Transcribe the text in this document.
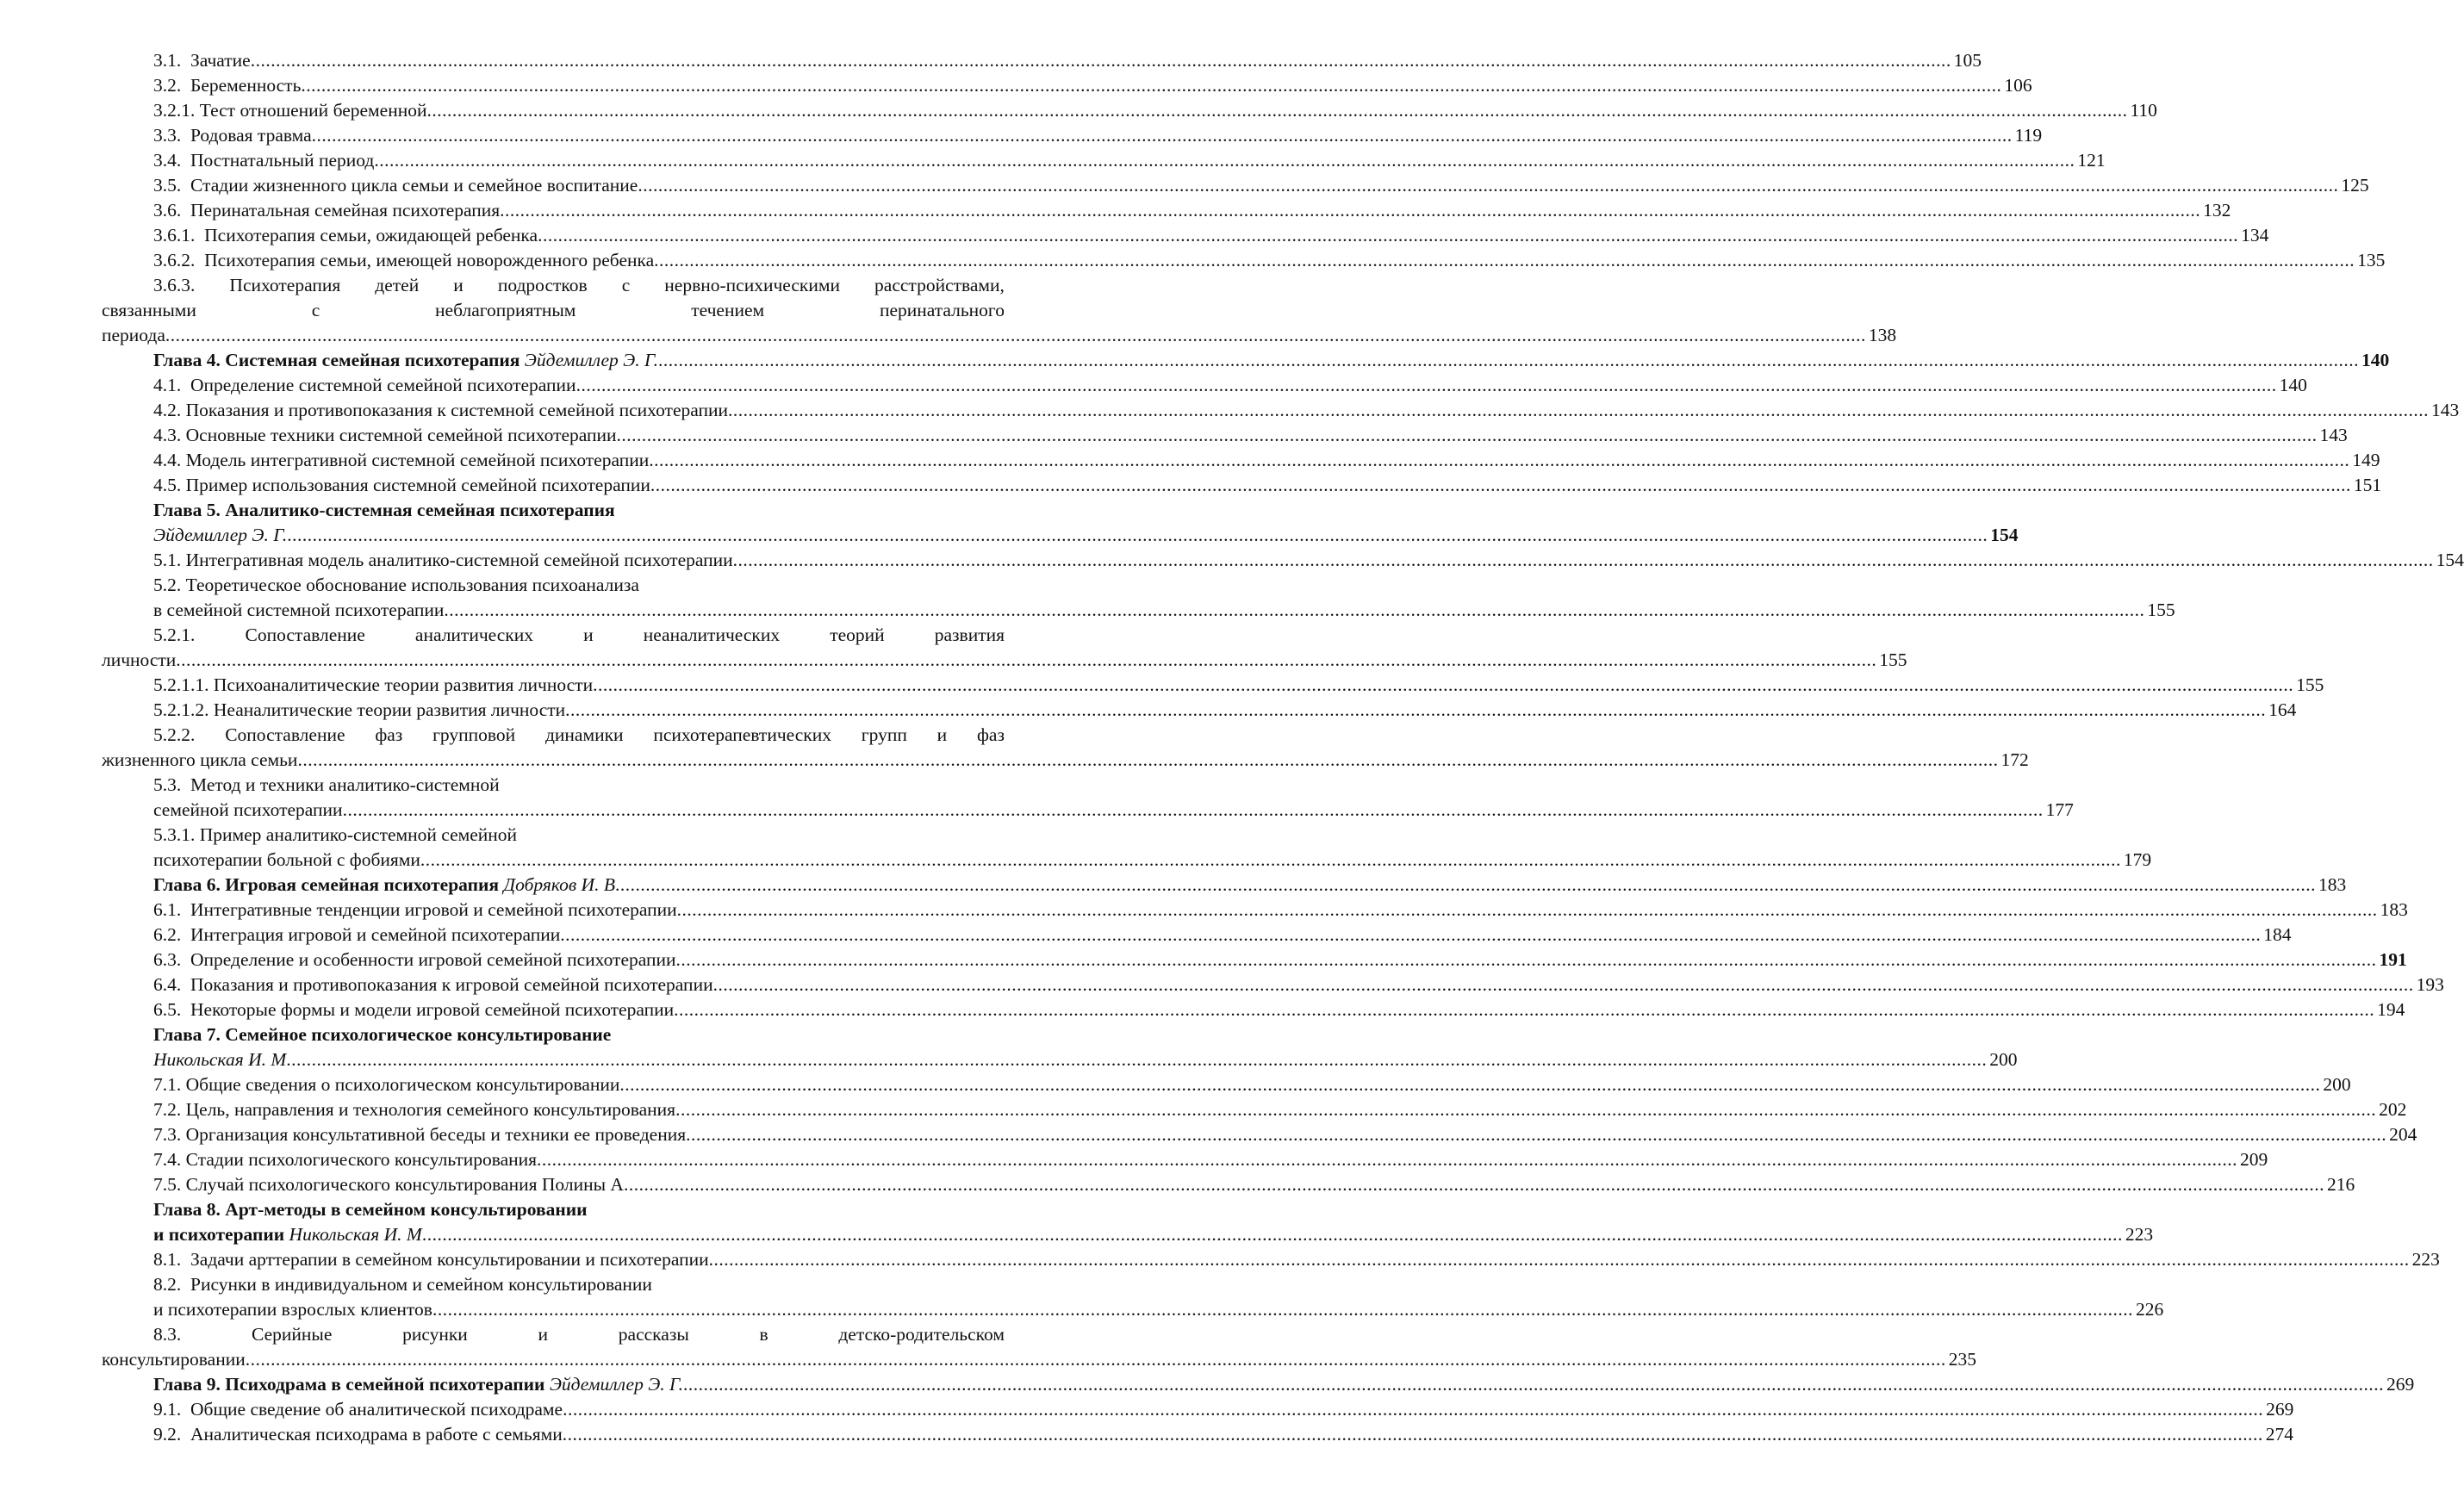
3.1. Зачатие .....	105
3.2. Беременность .....	106
3.2.1. Тест отношений беременной .....	110
3.3. Родовая травма .....	119
3.4. Постнатальный период .....	121
3.5. Стадии жизненного цикла семьи и семейное воспитание .....	125
3.6. Перинатальная семейная психотерапия .....	132
3.6.1. Психотерапия семьи, ожидающей ребенка .....	134
3.6.2. Психотерапия семьи, имеющей новорожденного ребенка .....	135
3.6.3. Психотерапия детей и подростков с нервно-психическими расстройствами,
связанными	с	неблагоприятным	течением	перинатального
периода .....	138
Глава 4. Системная семейная психотерапия Эйдемиллер Э. Г. .....	140
4.1. Определение системной семейной психотерапии .....	140
4.2. Показания и противопоказания к системной семейной психотерапии .....	143
4.3. Основные техники системной семейной психотерапии .....	143
4.4. Модель интегративной системной семейной психотерапии .....	149
4.5. Пример использования системной семейной психотерапии .....	151
Глава 5. Аналитико-системная семейная психотерапия
Эйдемиллер Э. Г. .....	154
5.1. Интегративная модель аналитико-системной семейной психотерапии .....	154
5.2. Теоретическое обоснование использования психоанализа
в семейной системной психотерапии .....	155
5.2.1.	Сопоставление	аналитических	и	неаналитических	теорий	развития
личности .....	155
5.2.1.1. Психоаналитические теории развития личности .....	155
5.2.1.2. Неаналитические теории развития личности .....	164
5.2.2. Сопоставление фаз групповой динамики психотерапевтических групп и фаз
жизненного цикла семьи .....	172
5.3. Метод и техники аналитико-системной
семейной психотерапии .....	177
5.3.1. Пример аналитико-системной семейной
психотерапии больной с фобиями .....	179
Глава 6. Игровая семейная психотерапия Добряков И. В .....	183
6.1. Интегративные тенденции игровой и семейной психотерапии .....	183
6.2. Интеграция игровой и семейной психотерапии .....	184
6.3. Определение и особенности игровой семейной психотерапии .....	191
6.4. Показания и противопоказания к игровой семейной психотерапии .....	193
6.5. Некоторые формы и модели игровой семейной психотерапии .....	194
Глава 7. Семейное психологическое консультирование
Никольская И. М .....	200
7.1. Общие сведения о психологическом консультировании .....	200
7.2. Цель, направления и технология семейного консультирования .....	202
7.3. Организация консультативной беседы и техники ее проведения .....	204
7.4. Стадии психологического консультирования .....	209
7.5. Случай психологического консультирования Полины А .....	216
Глава 8. Арт-методы в семейном консультировании
и психотерапии Никольская И. М .....	223
8.1. Задачи арттерапии в семейном консультировании и психотерапии .....	223
8.2. Рисунки в индивидуальном и семейном консультировании
и психотерапии взрослых клиентов .....	226
8.3.	Серийные	рисунки	и	рассказы	в	детско-родительском
консультировании .....	235
Глава 9. Психодрама в семейной психотерапии Эйдемиллер Э. Г. .....	269
9.1. Общие сведение об аналитической психодраме .....	269
9.2. Аналитическая психодрама в работе с семьями .....	274
